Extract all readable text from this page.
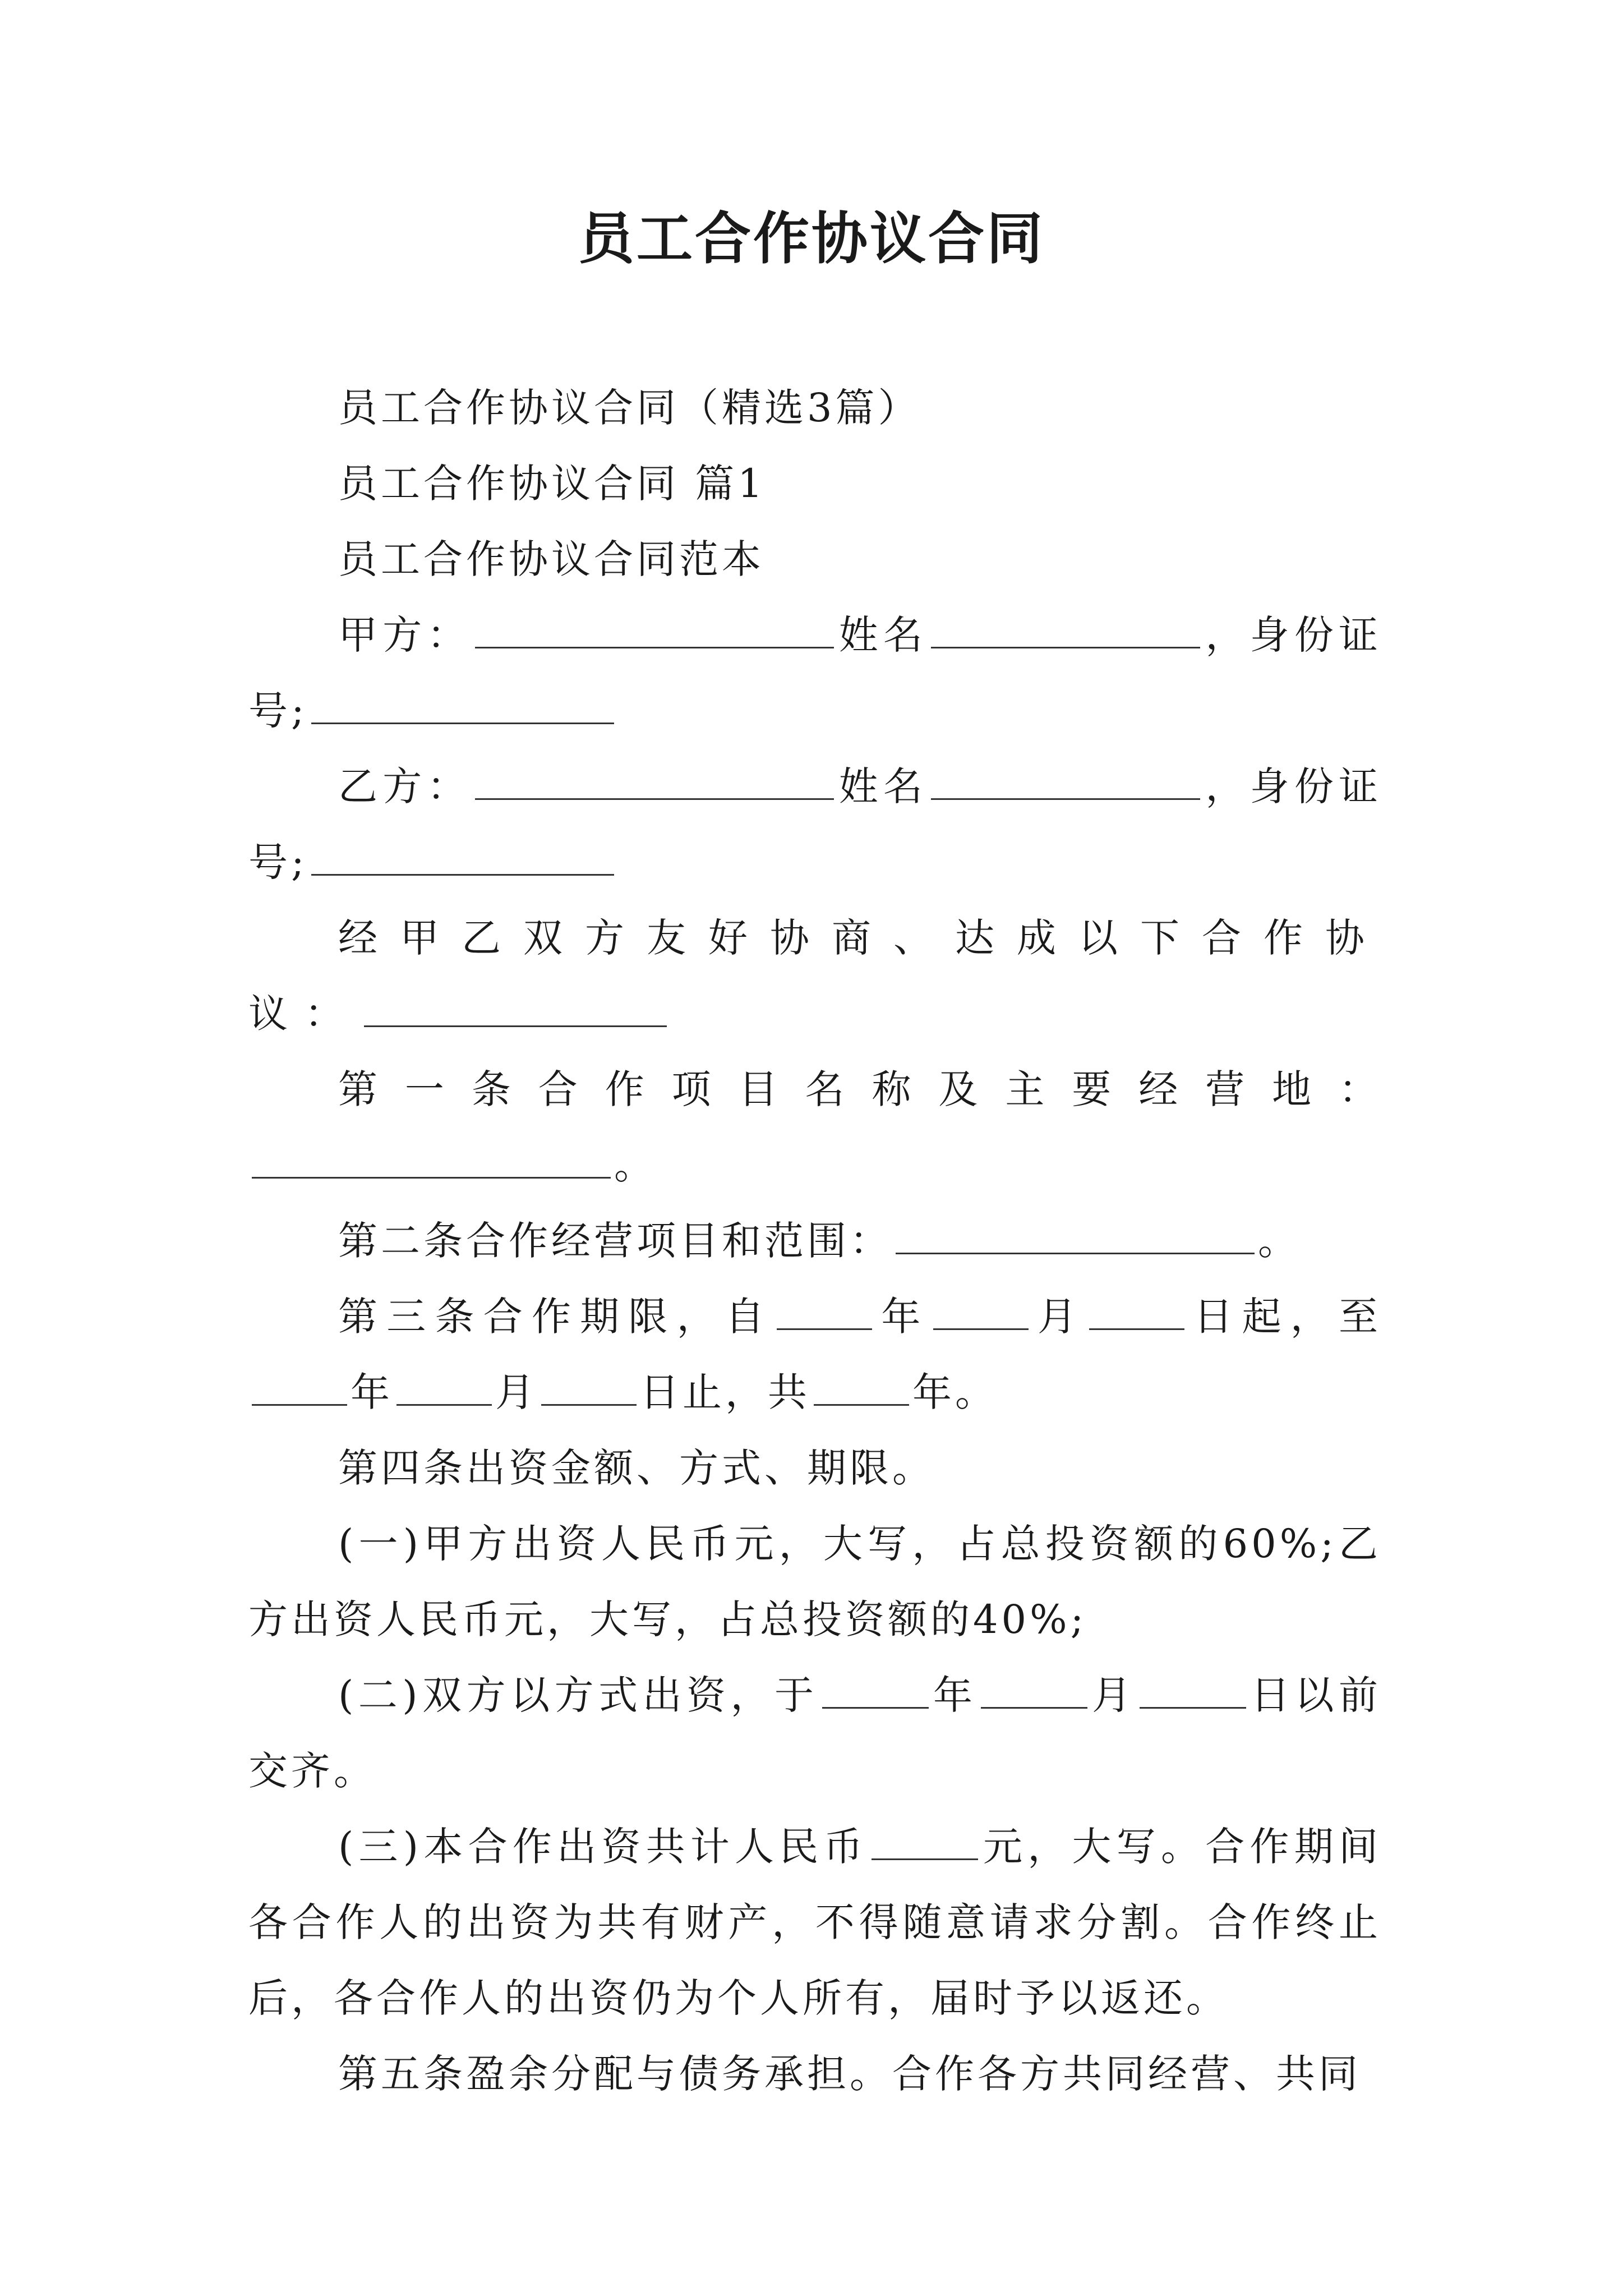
员工合作协议合同

员工合作协议合同（精选3篇）

员工合作协议合同 篇1

员工合作协议合同范本

甲方：	姓名	，身份证号;

乙方：	姓名	，身份证号;

经甲乙双方友好协商、达成以下合作协议：

第一条合作项目名称及主要经营地：。

第二条合作经营项目和范围：	。

第三条合作期限，自	年	月	日起，至年	月	日止，共	年。

第四条出资金额、方式、期限。

(一)甲方出资人民币元，大写，占总投资额的60%;乙方出资人民币元，大写，占总投资额的40%;

(二)双方以方式出资，于	年	月	日以前交齐。

(三)本合作出资共计人民币	元，大写。合作期间各合作人的出资为共有财产，不得随意请求分割。合作终止后，各合作人的出资仍为个人所有，届时予以返还。

第五条盈余分配与债务承担。合作各方共同经营、共同
